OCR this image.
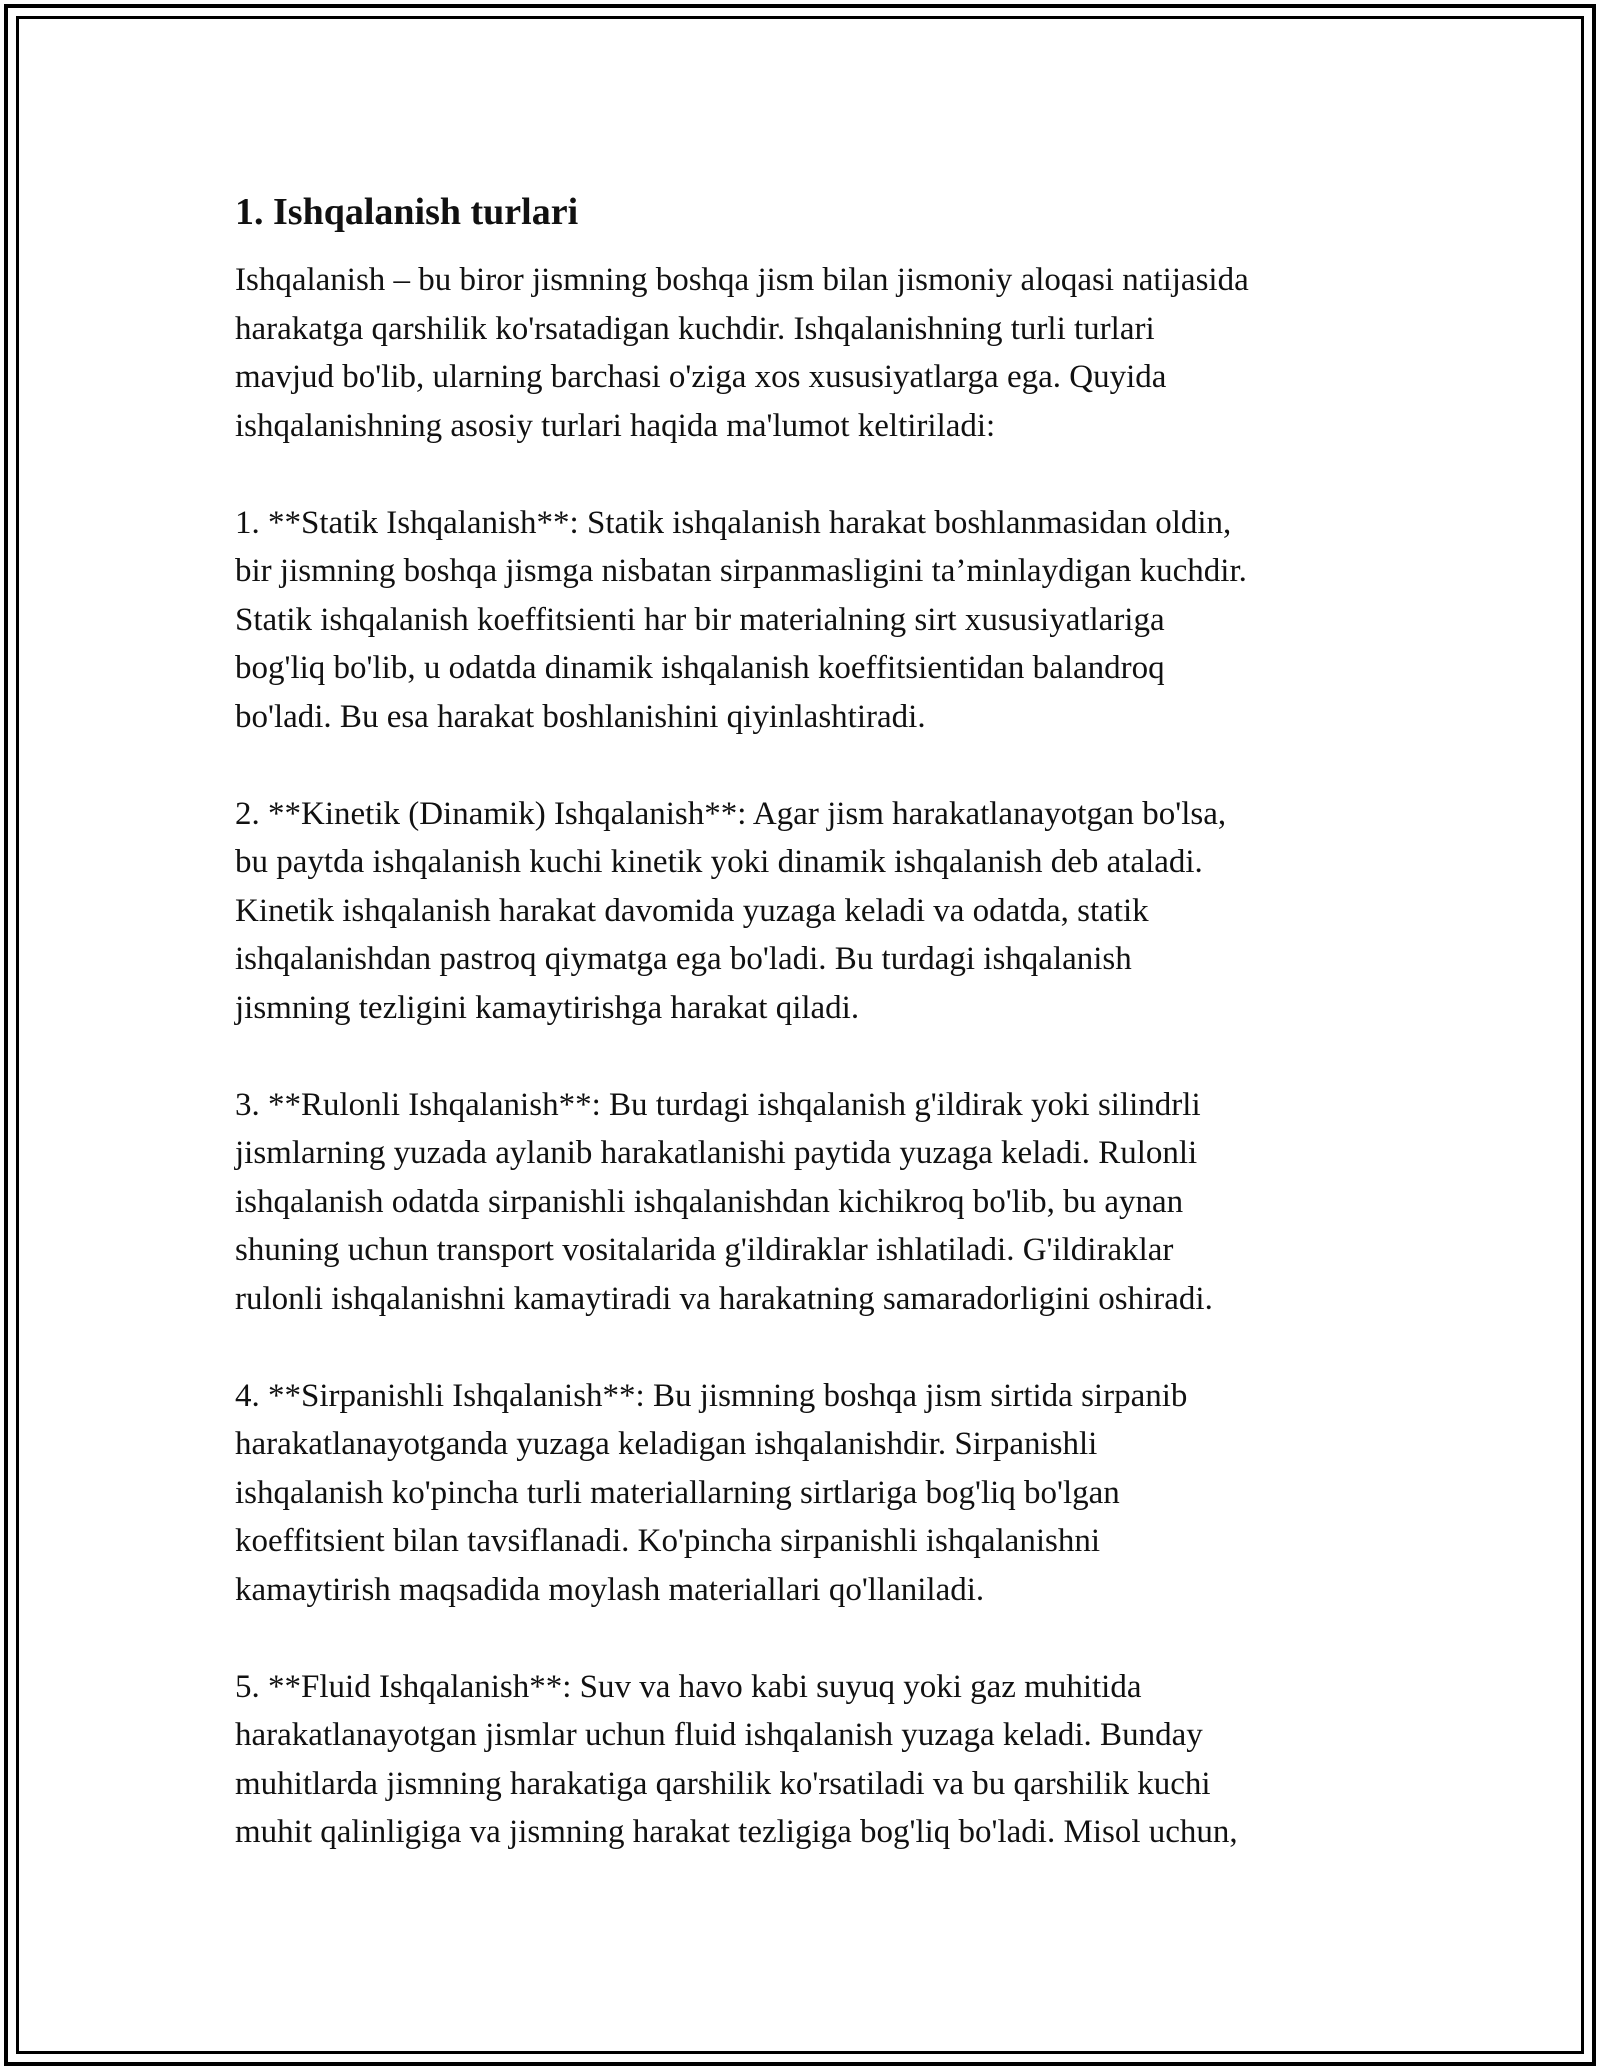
1. Ishqalanish turlari

Ishqalanish – bu biror jismning boshqa jism bilan jismoniy aloqasi natijasida
harakatga qarshilik ko'rsatadigan kuchdir. Ishqalanishning turli turlari
mavjud bo'lib, ularning barchasi o'ziga xos xususiyatlarga ega. Quyida
ishqalanishning asosiy turlari haqida ma'lumot keltiriladi:

1. **Statik Ishqalanish**: Statik ishqalanish harakat boshlanmasidan oldin,
bir jismning boshqa jismga nisbatan sirpanmasligini ta’minlaydigan kuchdir.
Statik ishqalanish koeffitsienti har bir materialning sirt xususiyatlariga
bog'liq bo'lib, u odatda dinamik ishqalanish koeffitsientidan balandroq
bo'ladi. Bu esa harakat boshlanishini qiyinlashtiradi.

2. **Kinetik (Dinamik) Ishqalanish**: Agar jism harakatlanayotgan bo'lsa,
bu paytda ishqalanish kuchi kinetik yoki dinamik ishqalanish deb ataladi.
Kinetik ishqalanish harakat davomida yuzaga keladi va odatda, statik
ishqalanishdan pastroq qiymatga ega bo'ladi. Bu turdagi ishqalanish
jismning tezligini kamaytirishga harakat qiladi.

3. **Rulonli Ishqalanish**: Bu turdagi ishqalanish g'ildirak yoki silindrli
jismlarning yuzada aylanib harakatlanishi paytida yuzaga keladi. Rulonli
ishqalanish odatda sirpanishli ishqalanishdan kichikroq bo'lib, bu aynan
shuning uchun transport vositalarida g'ildiraklar ishlatiladi. G'ildiraklar
rulonli ishqalanishni kamaytiradi va harakatning samaradorligini oshiradi.

4. **Sirpanishli Ishqalanish**: Bu jismning boshqa jism sirtida sirpanib
harakatlanayotganda yuzaga keladigan ishqalanishdir. Sirpanishli
ishqalanish ko'pincha turli materiallarning sirtlariga bog'liq bo'lgan
koeffitsient bilan tavsiflanadi. Ko'pincha sirpanishli ishqalanishni
kamaytirish maqsadida moylash materiallari qo'llaniladi.

5. **Fluid Ishqalanish**: Suv va havo kabi suyuq yoki gaz muhitida
harakatlanayotgan jismlar uchun fluid ishqalanish yuzaga keladi. Bunday
muhitlarda jismning harakatiga qarshilik ko'rsatiladi va bu qarshilik kuchi
muhit qalinligiga va jismning harakat tezligiga bog'liq bo'ladi. Misol uchun,
